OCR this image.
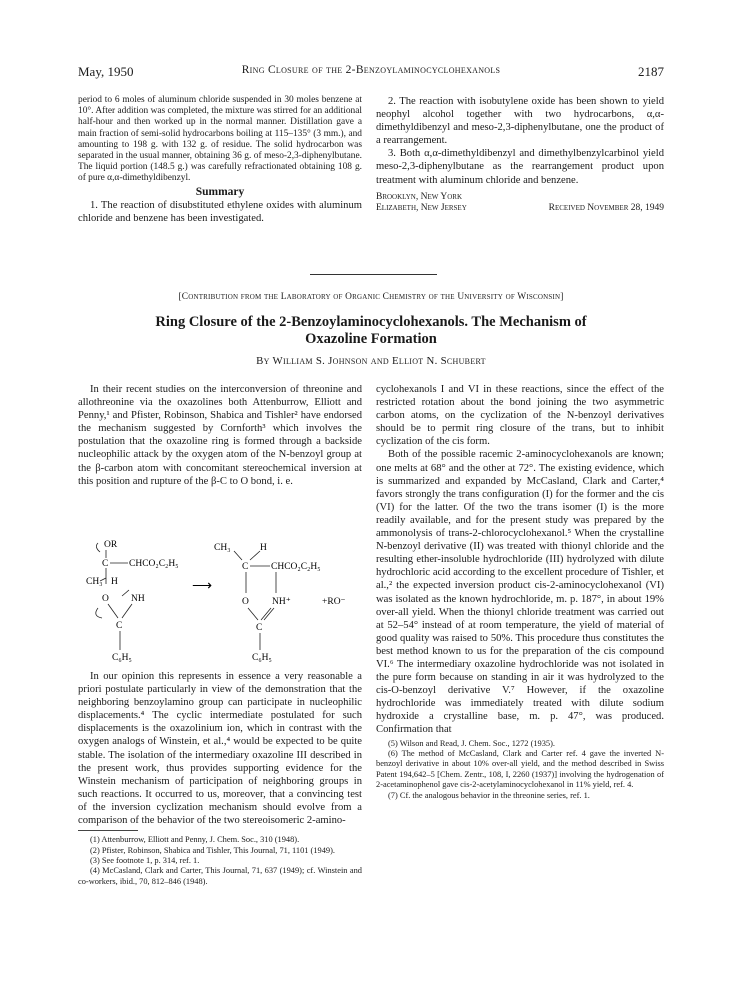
May, 1950	Ring Closure of the 2-Benzoylaminocyclohexanols	2187

period to 6 moles of aluminum chloride suspended in 30 moles benzene at 10°. After addition was completed, the mixture was stirred for an additional half-hour and then worked up in the normal manner. Distillation gave a main fraction of semi-solid hydrocarbons boiling at 115–135° (3 mm.), and amounting to 198 g. with 132 g. of residue. The solid hydrocarbon was separated in the usual manner, obtaining 36 g. of meso-2,3-diphenylbutane. The liquid portion (148.5 g.) was carefully refractionated obtaining 108 g. of pure α,α-dimethyldibenzyl.

Summary

1. The reaction of disubstituted ethylene oxides with aluminum chloride and benzene has been investigated.

2. The reaction with isobutylene oxide has been shown to yield neophyl alcohol together with two hydrocarbons, α,α-dimethyldibenzyl and meso-2,3-diphenylbutane, one the product of a rearrangement.

3. Both α,α-dimethyldibenzyl and dimethylbenzylcarbinol yield meso-2,3-diphenylbutane as the rearrangement product upon treatment with aluminum chloride and benzene.

Brooklyn, New York
Elizabeth, New Jersey	Received November 28, 1949
[Contribution from the Laboratory of Organic Chemistry of the University of Wisconsin]
Ring Closure of the 2-Benzoylaminocyclohexanols. The Mechanism of
Oxazoline Formation
By William S. Johnson and Elliot N. Schubert

In their recent studies on the interconversion of threonine and allothreonine via the oxazolines both Attenburrow, Elliott and Penny,¹ and Pfister, Robinson, Shabica and Tishler² have endorsed the mechanism suggested by Cornforth³ which involves the postulation that the oxazoline ring is formed through a backside nucleophilic attack by the oxygen atom of the N-benzoyl group at the β-carbon atom with concomitant stereochemical inversion at this position and rupture of the β-C to O bond, i. e.

OR
C CHCO₂C₂H₅
CH₃ H
O NH
C
C₆H₅
⟶
CH₃	H
C CHCO₂C₂H₅
O NH⁺	+RO⁻
C
C₆H₅

In our opinion this represents in essence a very reasonable a priori postulate particularly in view of the demonstration that the neighboring benzoylamino group can participate in nucleophilic displacements.⁴ The cyclic intermediate postulated for such displacements is the oxazolinium ion, which in contrast with the oxygen analogs of Winstein, et al.,⁴ would be expected to be quite stable. The isolation of the intermediary oxazoline III described in the present work, thus provides supporting evidence for the Winstein mechanism of participation of neighboring groups in such reactions. It occurred to us, moreover, that a convincing test of the inversion cyclization mechanism should evolve from a comparison of the behavior of the two stereoisomeric 2-amino-

(1) Attenburrow, Elliott and Penny, J. Chem. Soc., 310 (1948).

(2) Pfister, Robinson, Shabica and Tishler, This Journal, 71, 1101 (1949).

(3) See footnote 1, p. 314, ref. 1.

(4) McCasland, Clark and Carter, This Journal, 71, 637 (1949); cf. Winstein and co-workers, ibid., 70, 812–846 (1948).

cyclohexanols I and VI in these reactions, since the effect of the restricted rotation about the bond joining the two asymmetric carbon atoms, on the cyclization of the N-benzoyl derivatives should be to permit ring closure of the trans, but to inhibit cyclization of the cis form.

Both of the possible racemic 2-aminocyclohexanols are known; one melts at 68° and the other at 72°. The existing evidence, which is summarized and expanded by McCasland, Clark and Carter,⁴ favors strongly the trans configuration (I) for the former and the cis (VI) for the latter. Of the two the trans isomer (I) is the more readily available, and for the present study was prepared by the ammonolysis of trans-2-chlorocyclohexanol.⁵ When the crystalline N-benzoyl derivative (II) was treated with thionyl chloride and the resulting ether-insoluble hydrochloride (III) hydrolyzed with dilute hydrochloric acid according to the excellent procedure of Tishler, et al.,² the expected inversion product cis-2-aminocyclohexanol (VI) was isolated as the known hydrochloride, m. p. 187°, in about 19% over-all yield. When the thionyl chloride treatment was carried out at 52–54° instead of at room temperature, the yield of material of good quality was raised to 50%. This procedure thus constitutes the best method known to us for the preparation of the cis compound VI.⁶ The intermediary oxazoline hydrochloride was not isolated in the pure form because on standing in air it was hydrolyzed to the cis-O-benzoyl derivative V.⁷ However, if the oxazoline hydrochloride was immediately treated with dilute sodium hydroxide a crystalline base, m. p. 47°, was produced. Confirmation that

(5) Wilson and Read, J. Chem. Soc., 1272 (1935).

(6) The method of McCasland, Clark and Carter ref. 4 gave the inverted N-benzoyl derivative in about 10% over-all yield, and the method described in Swiss Patent 194,642–5 [Chem. Zentr., 108, I, 2260 (1937)] involving the hydrogenation of 2-acetaminophenol gave cis-2-acetylaminocyclohexanol in 11% yield, ref. 4.

(7) Cf. the analogous behavior in the threonine series, ref. 1.
